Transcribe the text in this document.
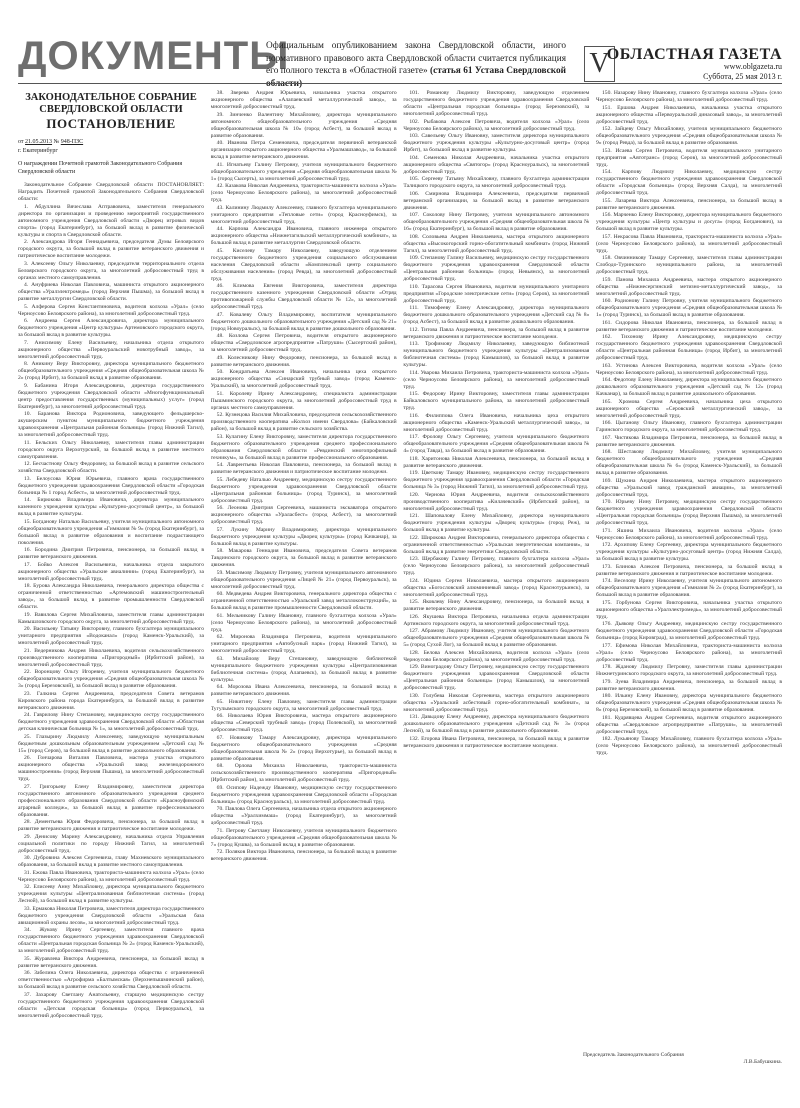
ДОКУМЕНТЫ
Официальным опубликованием закона Свердловской области, иного нормативного правового акта Свердловской области считается публикация его полного текста в «Областной газете» (статья 61 Устава Свердловской V
ОБЛАСТНАЯ ГАЗЕТА
www.oblgazeta.ru
Суббота, 25 мая 2013 г.
ЗАКОНОДАТЕЛЬНОЕ СОБРАНИЕ
СВЕРДЛОВСКОЙ ОБЛАСТИ
ПОСТАНОВЛЕНИЕ
от 21.05.2013 № 948-ПЗС
г. Екатеринбург
О награждении Почетной грамотой Законодательного Собрания Свердловской области

Законодательное Собрание Свердловской области ПОСТАНОВЛЯЕТ: Наградить Почетной грамотой Законодательного Собрания Свердловской области:

1. Абдуллина Вячеслава Аптравовича, заместителя генерального директора по организации и проведению мероприятий государственного автономного учреждения Свердловской области «Дворец игровых видов спорта» (город Екатеринбург), за большой вклад в развитие физической культуры и спорта в Свердловской области.

2. Александрова Игоря Геннадьевича, председателя Думы Белоярского городского округа, за большой вклад в развитие ветеранского движения и патриотическое воспитание молодежи.

3. Алексееву Ольгу Николаевну, председателя территориального отдела Белоярского городского округа, за многолетний добросовестный труд в органах местного самоуправления.

4. Ануфриева Николая Павловича, машиниста открытого акционерного общества «Уралэлектромедь» (город Верхняя Пышма), за большой вклад в развитие металлургии Свердловской области.

5. Алферова Сергея Константиновича, водителя колхоза «Урал» (село Черноусово Белоярского района), за многолетний добросовестный труд.

6. Андреева Сергея Александровича, директора муниципального бюджетного учреждения «Центр культуры» Артемовского городского округа, за большой вклад в развитие культуры.

7. Анисимову Елену Васильевну, начальника отдела открытого акционерного общества «Первоуральский новотрубный завод», за многолетний добросовестный труд.

8. Аникину Веру Викторовну, директора муниципального бюджетного общеобразовательного учреждения «Средняя общеобразовательная школа № 2» (город Ирбит), за большой вклад в развитие образования.

9. Бабанина Игоря Александровича, директора государственного бюджетного учреждения Свердловской области «Многофункциональный центр предоставления государственных (муниципальных) услуг» (город Екатеринбург), за многолетний добросовестный труд.

10. Баранова Виктора Родионовича, заведующего фельдшерско-акушерским пунктом муниципального бюджетного учреждения здравоохранения «Центральная районная больница» (город Нижний Тагил), за многолетний добросовестный труд.

11. Бельских Ольгу Николаевну, заместителя главы администрации городского округа Верхотурский, за большой вклад в развитие местного самоуправления.

12. Бесчастнову Ольгу Федоровну, за большой вклад в развитие сельского хозяйства Свердловской области.

13. Белоусова Юрия Юрьевича, главного врача государственного бюджетного учреждения здравоохранения Свердловской области «Городская больница № 1 город Асбест», за многолетний добросовестный труд.

14. Бирюкова Владимира Ивановича, директора муниципального казенного учреждения культуры «Культурно-досуговый центр», за большой вклад в развитие культуры.

15. Богданову Наталью Васильевну, учителя муниципального автономного общеобразовательного учреждения «Гимназия № 9» (город Екатеринбург), за большой вклад в развитие образования и воспитание подрастающего поколения.

16. Бородина Дмитрия Петровича, пенсионера, за большой вклад в развитие ветеранского движения.

17. Бойко Алексея Васильевича, начальника отдела закрытого акционерного общества «Уральские авиалинии» (город Екатеринбург), за многолетний добросовестный труд.

18. Бурова Александра Николаевича, генерального директора общества с ограниченной ответственностью «Артемовский машиностроительный завод», за большой вклад в развитие промышленности Свердловской области.

19. Вавилова Сергея Михайловича, заместителя главы администрации Камышловского городского округа, за многолетний добросовестный труд.

20. Васильеву Татьяну Викторовну, главного бухгалтера муниципального унитарного предприятия «Водоканал» (город Каменск-Уральский), за многолетний добросовестный труд.

21. Ведерникова Андрея Николаевича, водителя сельскохозяйственного производственного кооператива «Пригородный» (Ирбитский район), за многолетний добросовестный труд.

22. Воронцову Ольгу Игоревну, учителя муниципального бюджетного общеобразовательного учреждения «Средняя общеобразовательная школа № 3» (город Березовский), за большой вклад в развитие образования.

23. Галкина Сергея Андреевича, председателя Совета ветеранов Кировского района города Екатеринбурга, за большой вклад в развитие ветеранского движения.

24. Гаврилову Нину Степановну, медицинскую сестру государственного бюджетного учреждения здравоохранения Свердловской области «Областная детская клиническая больница № 1», за многолетний добросовестный труд.

25. Глазырину Людмилу Алексеевну, заведующую муниципальным бюджетным дошкольным образовательным учреждением «Детский сад № 15» (город Серов), за большой вклад в развитие дошкольного образования.

26. Гончарова Виталия Павловича, мастера участка открытого акционерного общества «Уральский завод железнодорожного машиностроения» (город Верхняя Пышма), за многолетний добросовестный труд.

27. Григорьеву Елену Владимировну, заместителя директора государственного автономного образовательного учреждения среднего профессионального образования Свердловской области «Красноуфимский аграрный колледж», за большой вклад в развитие профессионального образования.

28. Дементьева Юрия Федоровича, пенсионера, за большой вклад в развитие ветеранского движения и патриотическое воспитание молодежи.

29. Денисову Марину Александровну, начальника отдела Управления социальной политики по городу Нижний Тагил, за многолетний добросовестный труд.

30. Дубровина Алексея Сергеевича, главу Махневского муниципального образования, за большой вклад в развитие местного самоуправления.

31. Ежова Павла Ивановича, тракториста-машиниста колхоза «Урал» (село Черноусово Белоярского района), за многолетний добросовестный труд.

32. Елисееву Анну Михайловну, директора муниципального бюджетного учреждения культуры «Централизованная библиотечная система» (город Лесной), за большой вклад в развитие культуры.

33. Ермакова Николая Петровича, заместителя директора государственного бюджетного учреждения Свердловской области «Уральская база авиационной охраны лесов», за многолетний добросовестный труд.

34. Жукову Ирину Сергеевну, заместителя главного врача государственного бюджетного учреждения здравоохранения Свердловской области «Центральная городская больница № 2» (город Каменск-Уральский), за многолетний добросовестный труд.

35. Журавлева Виктора Андреевича, пенсионера, за большой вклад в развитие ветеранского движения.

36. Забелина Олега Николаевича, директора общества с ограниченной ответственностью «Агрофирма «Балтымская» (Верхнепышминский район), за большой вклад в развитие сельского хозяйства Свердловской области.

37. Захарову Светлану Анатольевну, старшую медицинскую сестру государственного бюджетного учреждения здравоохранения Свердловской области «Детская городская больница» (город Первоуральск), за многолетний добросовестный труд.

38. Зверева Андрея Юрьевича, начальника участка открытого акционерного общества «Алапаевский металлургический завод», за многолетний добросовестный труд.

39. Зинченко Валентину Михайловну, директора муниципального автономного общеобразовательного учреждения «Средняя общеобразовательная школа № 10» (город Асбест), за большой вклад в развитие образования.

40. Иванова Петра Семеновича, председателя первичной ветеранской организации открытого акционерного общества «Уралмашзавод», за большой вклад в развитие ветеранского движения.

41. Игнатьеву Галину Петровну, учителя муниципального бюджетного общеобразовательного учреждения «Средняя общеобразовательная школа № 1» (город Сысерть), за многолетний добросовестный труд.

42. Казакова Николая Андреевича, тракториста-машиниста колхоза «Урал» (село Черноусово Белоярского района), за многолетний добросовестный труд.

43. Калинину Людмилу Алексеевну, главного бухгалтера муниципального унитарного предприятия «Тепловые сети» (город Красноуфимск), за многолетний добросовестный труд.

44. Карпова Александра Ивановича, главного инженера открытого акционерного общества «Нижнетагильский металлургический комбинат», за большой вклад в развитие металлургии Свердловской области.

45. Киселеву Тамару Николаевну, заведующую отделением государственного бюджетного учреждения социального обслуживания населения Свердловской области «Комплексный центр социального обслуживания населения» (город Ревда), за многолетний добросовестный труд.

46. Климова Евгения Викторовича, заместителя директора государственного казенного учреждения Свердловской области «Отряд противопожарной службы Свердловской области № 12», за многолетний добросовестный труд.

47. Ковалеву Ольгу Владимировну, воспитателя муниципального бюджетного дошкольного образовательного учреждения «Детский сад № 21» (город Новоуральск), за большой вклад в развитие дошкольного образования.

48. Козлова Сергея Петровича, водителя открытого акционерного общества «Свердловское агропредприятие «Патруши» (Сысертский район), за многолетний добросовестный труд.

49. Колесникову Нину Федоровну, пенсионера, за большой вклад в развитие ветеранского движения.

50. Кондратьева Алексея Ивановича, начальника цеха открытого акционерного общества «Синарский трубный завод» (город Каменск-Уральский), за многолетний добросовестный труд.

51. Королеву Ирину Александровну, специалиста администрации Пышминского городского округа, за многолетний добросовестный труд в органах местного самоуправления.

52. Кузнецова Василия Михайловича, председателя сельскохозяйственного производственного кооператива «Колхоз имени Свердлова» (Байкаловский район), за большой вклад в развитие сельского хозяйства.

53. Кулагину Елену Викторовну, заместителя директора государственного бюджетного образовательного учреждения среднего профессионального образования Свердловской области «Ревдинский многопрофильный техникум», за большой вклад в развитие профессионального образования.

54. Лаврентьева Николая Павловича, пенсионера, за большой вклад в развитие ветеранского движения и патриотическое воспитание молодежи.

55. Лебедеву Наталью Андреевну, медицинскую сестру государственного бюджетного учреждения здравоохранения Свердловской области «Центральная районная больница» (город Туринск), за многолетний добросовестный труд.

56. Леонова Дмитрия Сергеевича, машиниста экскаватора открытого акционерного общества «Ураласбест» (город Асбест), за многолетний добросовестный труд.

57. Лукину Марину Владимировну, директора муниципального бюджетного учреждения культуры «Дворец культуры» (город Качканар), за большой вклад в развитие культуры.

58. Макарова Геннадия Ивановича, председателя Совета ветеранов Тавдинского городского округа, за большой вклад в развитие ветеранского движения.

59. Максимову Людмилу Петровну, учителя муниципального автономного общеобразовательного учреждения «Лицей № 21» (город Первоуральск), за многолетний добросовестный труд.

60. Медведева Андрея Викторовича, генерального директора общества с ограниченной ответственностью «Уральский завод металлоконструкций», за большой вклад в развитие промышленности Свердловской области.

61. Мельникову Галину Ивановну, главного бухгалтера колхоза «Урал» (село Черноусово Белоярского района), за многолетний добросовестный труд.

62. Миронова Владимира Петровича, водителя муниципального унитарного предприятия «Автобусный парк» (город Нижний Тагил), за многолетний добросовестный труд.

63. Михайлову Веру Степановну, заведующую библиотекой муниципального бюджетного учреждения культуры «Централизованная библиотечная система» (город Алапаевск), за большой вклад в развитие культуры.

64. Морозова Ивана Алексеевича, пенсионера, за большой вклад в развитие ветеранского движения.

65. Никитину Елену Павловну, заместителя главы администрации Тугулымского городского округа, за многолетний добросовестный труд.

66. Николаева Юрия Викторовича, мастера открытого акционерного общества «Северский трубный завод» (город Полевской), за многолетний добросовестный труд.

67. Новикову Тамару Александровну, директора муниципального бюджетного общеобразовательного учреждения «Средняя общеобразовательная школа № 2» (город Верхотурье), за большой вклад в развитие образования.

68. Орлова Михаила Николаевича, тракториста-машиниста сельскохозяйственного производственного кооператива «Пригородный» (Ирбитский район), за многолетний добросовестный труд.

69. Осипову Надежду Ивановну, медицинскую сестру государственного бюджетного учреждения здравоохранения Свердловской области «Городская больница» (город Красноуральск), за многолетний добросовестный труд.

70. Павлова Олега Сергеевича, начальника отдела открытого акционерного общества «Уралхиммаш» (город Екатеринбург), за многолетний добросовестный труд.

71. Петрову Светлану Николаевну, учителя муниципального бюджетного общеобразовательного учреждения «Средняя общеобразовательная школа № 7» (город Кушва), за большой вклад в развитие образования.

72. Поляков Виктора Ивановича, пенсионера, за большой вклад в развитие ветеранского движения.

101. Романову Людмилу Викторовну, заведующую отделением государственного бюджетного учреждения здравоохранения Свердловской области «Центральная городская больница» (город Березовский), за многолетний добросовестный труд.

102. Рыбакова Алексея Петровича, водителя колхоза «Урал» (село Черноусово Белоярского района), за многолетний добросовестный труд.

103. Савельеву Ольгу Ивановну, заместителя директора муниципального бюджетного учреждения культуры «Культурно-досуговый центр» (город Ирбит), за большой вклад в развитие культуры.

104. Семенова Николая Андреевича, начальника участка открытого акционерного общества «Святогор» (город Красноуральск), за многолетний добросовестный труд.

105. Сергееву Татьяну Михайловну, главного бухгалтера администрации Талицкого городского округа, за многолетний добросовестный труд.

106. Смирнова Владимира Алексеевича, председателя первичной ветеранской организации, за большой вклад в развитие ветеранского движения.

107. Соколову Нину Петровну, учителя муниципального автономного общеобразовательного учреждения «Средняя общеобразовательная школа № 16» (город Екатеринбург), за большой вклад в развитие образования.

108. Соловьева Андрея Николаевича, мастера открытого акционерного общества «Высокогорский горно-обогатительный комбинат» (город Нижний Тагил), за многолетний добросовестный труд.

109. Степанову Галину Васильевну, медицинскую сестру государственного бюджетного учреждения здравоохранения Свердловской области «Центральная районная больница» (город Невьянск), за многолетний добросовестный труд.

110. Тарасова Сергея Ивановича, водителя муниципального унитарного предприятия «Городские электрические сети» (город Серов), за многолетний добросовестный труд.

111. Тимофееву Елену Александровну, директора муниципального бюджетного дошкольного образовательного учреждения «Детский сад № 8» (город Асбест), за большой вклад в развитие дошкольного образования.

112. Титова Павла Андреевича, пенсионера, за большой вклад в развитие ветеранского движения и патриотическое воспитание молодежи.

113. Трофимову Людмилу Николаевну, заведующую библиотекой муниципального бюджетного учреждения культуры «Централизованная библиотечная система» (город Камышлов), за большой вклад в развитие культуры.

114. Уварова Михаила Петровича, тракториста-машиниста колхоза «Урал» (село Черноусово Белоярского района), за многолетний добросовестный труд.

115. Федорову Ирину Викторовну, заместителя главы администрации Байкаловского муниципального района, за многолетний добросовестный труд.

116. Филиппова Олега Ивановича, начальника цеха открытого акционерного общества «Каменск-Уральский металлургический завод», за многолетний добросовестный труд.

117. Фролову Ольгу Сергеевну, учителя муниципального бюджетного общеобразовательного учреждения «Средняя общеобразовательная школа № 4» (город Тавда), за большой вклад в развитие образования.

118. Харитонова Николая Алексеевича, пенсионера, за большой вклад в развитие ветеранского движения.

119. Цветкову Тамару Ивановну, медицинскую сестру государственного бюджетного учреждения здравоохранения Свердловской области «Городская больница № 3» (город Нижний Тагил), за многолетний добросовестный труд.

120. Чернова Юрия Андреевича, водителя сельскохозяйственного производственного кооператива «Килачевский» (Ирбитский район), за многолетний добросовестный труд.

121. Шаповалову Елену Михайловну, директора муниципального бюджетного учреждения культуры «Дворец культуры» (город Реж), за большой вклад в развитие культуры.

122. Широкова Андрея Викторовича, генерального директора общества с ограниченной ответственностью «Уральская энергетическая компания», за большой вклад в развитие энергетики Свердловской области.

123. Щербакову Галину Петровну, главного бухгалтера колхоза «Урал» (село Черноусово Белоярского района), за многолетний добросовестный труд.

124. Юдина Сергея Николаевича, мастера открытого акционерного общества «Богословский алюминиевый завод» (город Краснотурьинск), за многолетний добросовестный труд.

125. Яковлеву Нину Александровну, пенсионера, за большой вклад в развитие ветеранского движения.

126. Якушева Виктора Петровича, начальника отдела администрации Артинского городского округа, за многолетний добросовестный труд.

127. Абрамову Людмилу Ивановну, учителя муниципального бюджетного общеобразовательного учреждения «Средняя общеобразовательная школа № 5» (город Сухой Лог), за большой вклад в развитие образования.

128. Белова Алексея Михайловича, водителя колхоза «Урал» (село Черноусово Белоярского района), за многолетний добросовестный труд.

129. Виноградову Ольгу Петровну, медицинскую сестру государственного бюджетного учреждения здравоохранения Свердловской области «Центральная районная больница» (город Камышлов), за многолетний добросовестный труд.

130. Голубева Николая Сергеевича, мастера открытого акционерного общества «Уральский асбестовый горно-обогатительный комбинат», за многолетний добросовестный труд.

131. Давыдову Елену Андреевну, директора муниципального бюджетного дошкольного образовательного учреждения «Детский сад № 3» (город Лесной), за большой вклад в развитие дошкольного образования.

132. Егорова Ивана Петровича, пенсионера, за большой вклад в развитие ветеранского движения и патриотическое воспитание молодежи.

150. Назарову Нину Ивановну, главного бухгалтера колхоза «Урал» (село Черноусово Белоярского района), за многолетний добросовестный труд.

151. Ершова Андрея Николаевича, начальника участка открытого акционерного общества «Первоуральский динасовый завод», за многолетний добросовестный труд.

152. Зайцеву Ольгу Михайловну, учителя муниципального бюджетного общеобразовательного учреждения «Средняя общеобразовательная школа № 9» (город Ревда), за большой вклад в развитие образования.

153. Исаева Сергея Петровича, водителя муниципального унитарного предприятия «Автотранс» (город Серов), за многолетний добросовестный труд.

154. Карпову Людмилу Николаевну, медицинскую сестру государственного бюджетного учреждения здравоохранения Свердловской области «Городская больница» (город Верхняя Салда), за многолетний добросовестный труд.

155. Лазарева Виктора Алексеевича, пенсионера, за большой вклад в развитие ветеранского движения.

156. Марченко Елену Викторовну, директора муниципального бюджетного учреждения культуры «Центр культуры и досуга» (город Богданович), за большой вклад в развитие культуры.

157. Некрасова Павла Ивановича, тракториста-машиниста колхоза «Урал» (село Черноусово Белоярского района), за многолетний добросовестный труд.

158. Овчинникову Тамару Сергеевну, заместителя главы администрации Слободо-Туринского муниципального района, за многолетний добросовестный труд.

159. Панова Михаила Андреевича, мастера открытого акционерного общества «Нижнесергинский метизно-металлургический завод», за многолетний добросовестный труд.

160. Родионову Галину Петровну, учителя муниципального бюджетного общеобразовательного учреждения «Средняя общеобразовательная школа № 1» (город Туринск), за большой вклад в развитие образования.

161. Сидорова Николая Ивановича, пенсионера, за большой вклад в развитие ветеранского движения и патриотическое воспитание молодежи.

162. Тихонову Ирину Александровну, медицинскую сестру государственного бюджетного учреждения здравоохранения Свердловской области «Центральная районная больница» (город Ирбит), за многолетний добросовестный труд.

163. Устинова Алексея Викторовича, водителя колхоза «Урал» (село Черноусово Белоярского района), за многолетний добросовестный труд.

164. Федотову Елену Николаевну, директора муниципального бюджетного дошкольного образовательного учреждения «Детский сад № 12» (город Качканар), за большой вклад в развитие дошкольного образования.

165. Хромова Сергея Андреевича, начальника цеха открытого акционерного общества «Серовский металлургический завод», за многолетний добросовестный труд.

166. Цыганову Ольгу Ивановну, главного бухгалтера администрации Гаринского городского округа, за многолетний добросовестный труд.

167. Чистякова Владимира Петровича, пенсионера, за большой вклад в развитие ветеранского движения.

168. Шестакову Людмилу Михайловну, учителя муниципального бюджетного общеобразовательного учреждения «Средняя общеобразовательная школа № 6» (город Каменск-Уральский), за большой вклад в развитие образования.

169. Щукина Андрея Николаевича, мастера открытого акционерного общества «Уральский завод гражданской авиации», за многолетний добросовестный труд.

170. Юрьеву Нину Петровну, медицинскую сестру государственного бюджетного учреждения здравоохранения Свердловской области «Центральная городская больница» (город Верхняя Пышма), за многолетний добросовестный труд.

171. Яшина Михаила Ивановича, водителя колхоза «Урал» (село Черноусово Белоярского района), за многолетний добросовестный труд.

172. Архипову Елену Сергеевну, директора муниципального бюджетного учреждения культуры «Культурно-досуговый центр» (город Нижняя Салда), за большой вклад в развитие культуры.

173. Блинова Алексея Петровича, пенсионера, за большой вклад в развитие ветеранского движения и патриотическое воспитание молодежи.

174. Веселову Ирину Николаевну, учителя муниципального автономного общеобразовательного учреждения «Гимназия № 2» (город Екатеринбург), за большой вклад в развитие образования.

175. Горбунова Сергея Викторовича, начальника участка открытого акционерного общества «Уралэлектромедь», за многолетний добросовестный труд.

176. Дьякову Ольгу Андреевну, медицинскую сестру государственного бюджетного учреждения здравоохранения Свердловской области «Городская больница» (город Кировград), за многолетний добросовестный труд.

177. Ефимова Николая Михайловича, тракториста-машиниста колхоза «Урал» (село Черноусово Белоярского района), за многолетний добросовестный труд.

178. Жданову Людмилу Петровну, заместителя главы администрации Нижнетуринского городского округа, за многолетний добросовестный труд.

179. Зуева Владимира Андреевича, пенсионера, за большой вклад в развитие ветеранского движения.

180. Ильину Елену Ивановну, директора муниципального бюджетного общеобразовательного учреждения «Средняя общеобразовательная школа № 8» (город Березовский), за большой вклад в развитие образования.

181. Кудрявцева Андрея Сергеевича, водителя открытого акционерного общества «Свердловское агропредприятие «Патруши», за многолетний добросовестный труд.

182. Лукьянову Тамару Михайловну, главного бухгалтера колхоза «Урал» (село Черноусово Белоярского района), за многолетний добросовестный труд.

Председатель Законодательного Собрания
Л.В.Бабушкина.
